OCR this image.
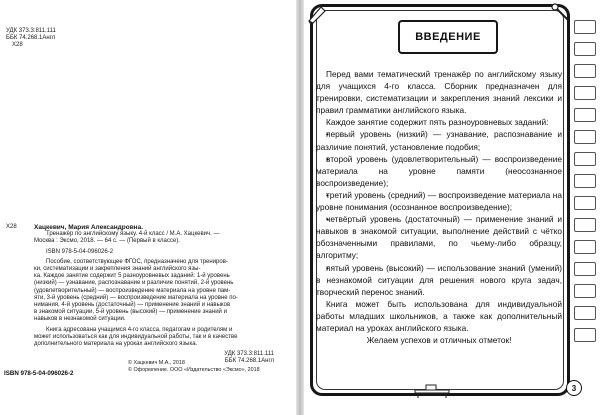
УДК 373.3:811.111
ББК 74.268.1Англ
Х28
Х28	Хацкевич, Мария Александровна.
Тренажёр по английскому языку. 4-й класс / М.А. Хацкевич. —
Москва : Эксмо, 2018. — 64 с. — (Первый в классе).
ISBN 978-5-04-096026-2
Пособие, соответствующее ФГОС, предназначено для трениров-
ки, систематизации и закрепления знаний английского язы-
ка. Каждое занятие содержит 5 разноуровневых заданий: 1-й уровень
(низкий) — узнавание, распознавание и различие понятий, 2-й уровень
(удовлетворительный) — воспроизведение материала на уровне пам-
яти, 3-й уровень (средний) — воспроизведение материала на уровне по-
нимания, 4-й уровень (достаточный) — применение знаний и навыков
в знакомой ситуации, 5-й уровень (высокий) — применение знаний и
навыков в незнакомой ситуации.
Книга адресована учащимся 4-го класса, педагогам и родителям и
может использоваться как для индивидуальной работы, так и в качестве
дополнительного материала на уроках английского языка.
УДК 373.3:811.111
ББК 74.268.1Англ
ISBN 978-5-04-096026-2
© Хацкевич М.А., 2018
© Оформление. ООО «Издательство «Эксмо», 2018
ВВЕДЕНИЕ

Перед вами тематический тренажёр по английскому языку для учащихся 4-го класса. Сборник предназначен для тренировки, систематизации и закрепления знаний лексики и правил грамматики английского языка.

Каждое занятие содержит пять разноуровневых заданий:

• первый уровень (низкий) — узнавание, распознавание и различие понятий, установление подобия;
• второй уровень (удовлетворительный) — воспроизведение материала на уровне памяти (неосознанное воспроизведение);
• третий уровень (средний) — воспроизведение материала на уровне понимания (осознанное воспроизведение);
• четвёртый уровень (достаточный) — применение знаний и навыков в знакомой ситуации, выполнение действий с чётко обозначенными правилами, по чьему-либо образцу, алгоритму;
• пятый уровень (высокий) — использование знаний (умений) в незнакомой ситуации для решения нового круга задач, творческий перенос знаний.

Книга может быть использована для индивидуальной работы младших школьников, а также как дополнительный материал на уроках английского языка.

Желаем успехов и отличных отметок!

3
